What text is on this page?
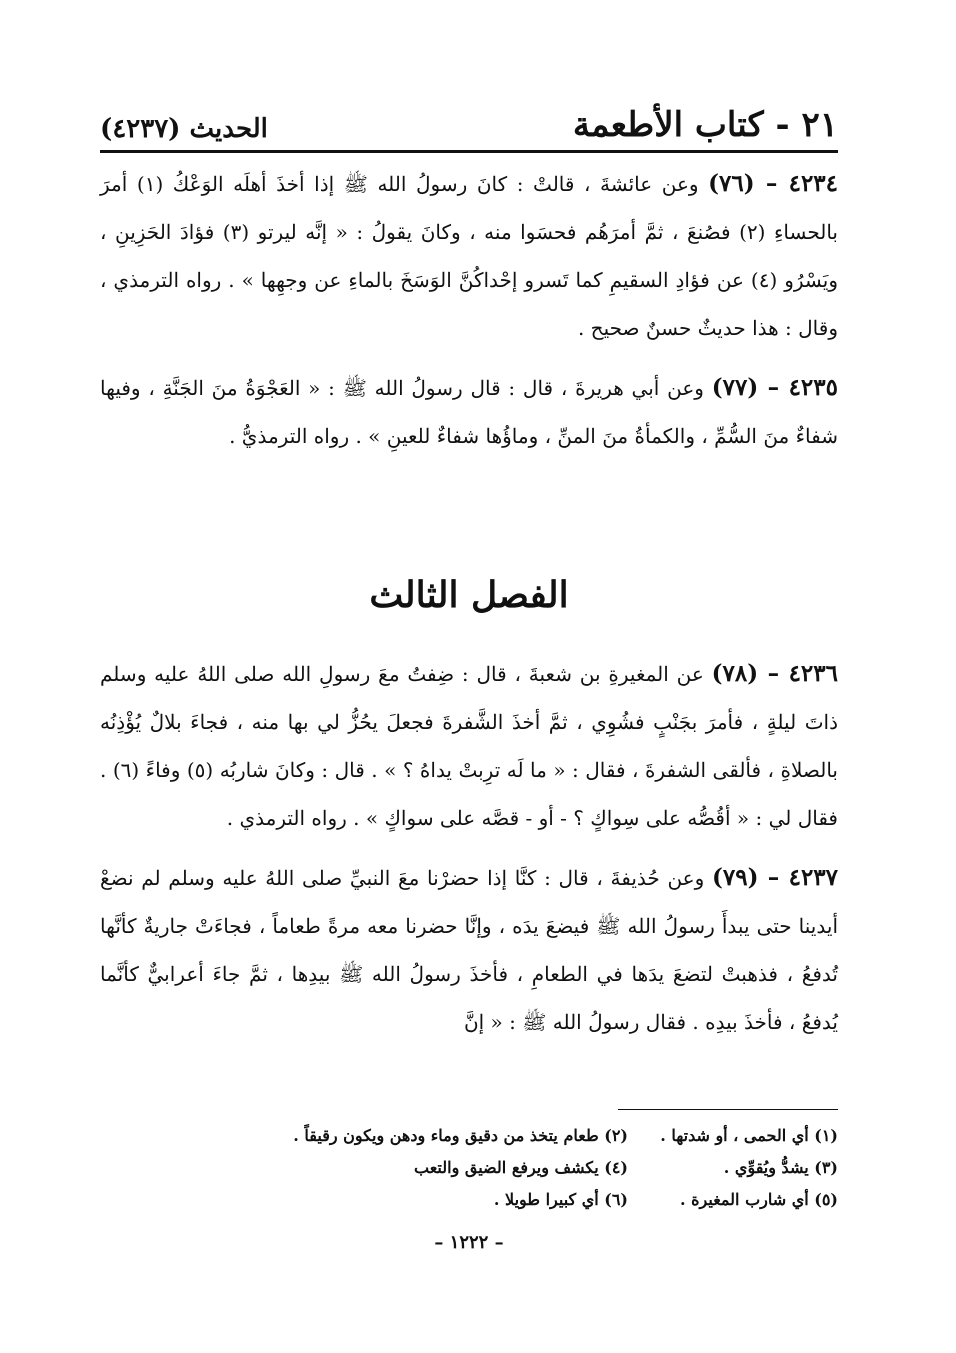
٢١ - كتاب الأطعمة
الحديث (٤٢٣٧)

٤٢٣٤ – (٧٦) وعن عائشةَ ، قالتْ : كانَ رسولُ الله ﷺ إذا أخذَ أهلَه الوَعْكُ (١) أمرَ بالحساءِ (٢) فصُنعَ ، ثمَّ أمرَهُم فحسَوا منه ، وكانَ يقولُ : « إنَّه ليرتو (٣) فؤادَ الحَزِينِ ، ويَسْرُو (٤) عن فؤادِ السقيمِ كما تَسرو إحْداكُنَّ الوَسَخَ بالماءِ عن وجهِها » . رواه الترمذي ، وقال : هذا حديثٌ حسنٌ صحيح .

٤٢٣٥ – (٧٧) وعن أبي هريرةَ ، قال : قال رسولُ الله ﷺ : « العَجْوَةُ منَ الجَنَّةِ ، وفيها شفاءٌ منَ السُّمِّ ، والكمأةُ منَ المنِّ ، وماؤُها شفاءٌ للعينِ » . رواه الترمذيُّ .

الفصل الثالث

٤٢٣٦ – (٧٨) عن المغيرةِ بن شعبةَ ، قال : ضِفتُ معَ رسولِ الله صلى اللهُ عليه وسلم ذاتَ ليلةٍ ، فأمرَ بجَنْبٍ فشُوِي ، ثمَّ أخذَ الشَّفرةَ فجعلَ يحُزُّ لي بها منه ، فجاءَ بلالٌ يُؤْذِنُه بالصلاةِ ، فألقى الشفرةَ ، فقال : « ما لَه ترِبتْ يداهُ ؟ » . قال : وكانَ شاربُه (٥) وفاءً (٦) . فقال لي : « أقُصُّه على سِواكٍ ؟ - أو - قصَّه على سواكٍ » . رواه الترمذي .

٤٢٣٧ – (٧٩) وعن حُذيفةَ ، قال : كنَّا إذا حضرْنا معَ النبيِّ صلى اللهُ عليه وسلم لم نضعْ أيدينا حتى يبدأَ رسولُ الله ﷺ فيضعَ يدَه ، وإنَّا حضرنا معه مرةً طعاماً ، فجاءَتْ جاريةٌ كأنَّها تُدفعُ ، فذهبتْ لتضعَ يدَها في الطعامِ ، فأخذَ رسولُ الله ﷺ بيدِها ، ثمَّ جاءَ أعرابيٌّ كأنَّما يُدفعُ ، فأخذَ بيدِه . فقال رسولُ الله ﷺ : « إنَّ

(١) أي الحمى ، أو شدتها .
(٢) طعام يتخذ من دقيق وماء ودهن ويكون رقيقاً .
(٣) يشدُّ ويُقوِّي .
(٤) يكشف ويرفع الضيق والتعب
(٥) أي شارب المغيرة .
(٦) أي كبيرا طويلا .
– ١٢٢٢ –
